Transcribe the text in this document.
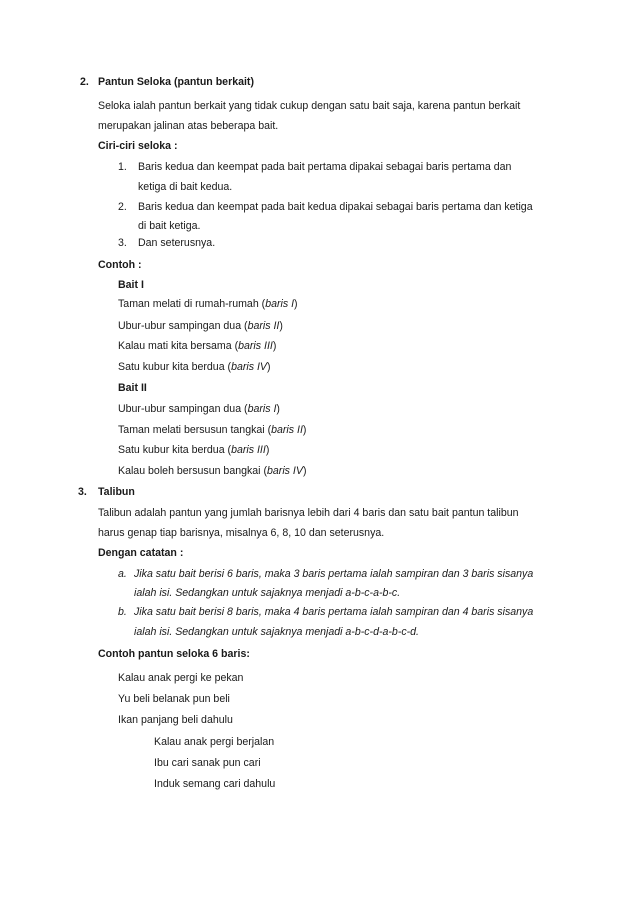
2. Pantun Seloka (pantun berkait)
Seloka ialah pantun berkait yang tidak cukup dengan satu bait saja, karena pantun berkait
merupakan jalinan atas beberapa bait.
Ciri-ciri seloka :
1. Baris kedua dan keempat pada bait pertama dipakai sebagai baris pertama dan
ketiga di bait kedua.
2. Baris kedua dan keempat pada bait kedua dipakai sebagai baris pertama dan ketiga
di bait ketiga.
3. Dan seterusnya.
Contoh :
Bait I
Taman melati di rumah-rumah (baris I)
Ubur-ubur sampingan dua (baris II)
Kalau mati kita bersama (baris III)
Satu kubur kita berdua (baris IV)
Bait II
Ubur-ubur sampingan dua (baris I)
Taman melati bersusun tangkai (baris II)
Satu kubur kita berdua (baris III)
Kalau boleh bersusun bangkai (baris IV)
3. Talibun
Talibun adalah pantun yang jumlah barisnya lebih dari 4 baris dan satu bait pantun talibun
harus genap tiap barisnya, misalnya 6, 8, 10 dan seterusnya.
Dengan catatan :
a. Jika satu bait berisi 6 baris, maka 3 baris pertama ialah sampiran dan 3 baris sisanya
ialah isi. Sedangkan untuk sajaknya menjadi a-b-c-a-b-c.
b. Jika satu bait berisi 8 baris, maka 4 baris pertama ialah sampiran dan 4 baris sisanya
ialah isi. Sedangkan untuk sajaknya menjadi a-b-c-d-a-b-c-d.
Contoh pantun seloka 6 baris:
Kalau anak pergi ke pekan
Yu beli belanak pun beli
Ikan panjang beli dahulu
Kalau anak pergi berjalan
Ibu cari sanak pun cari
Induk semang cari dahulu
